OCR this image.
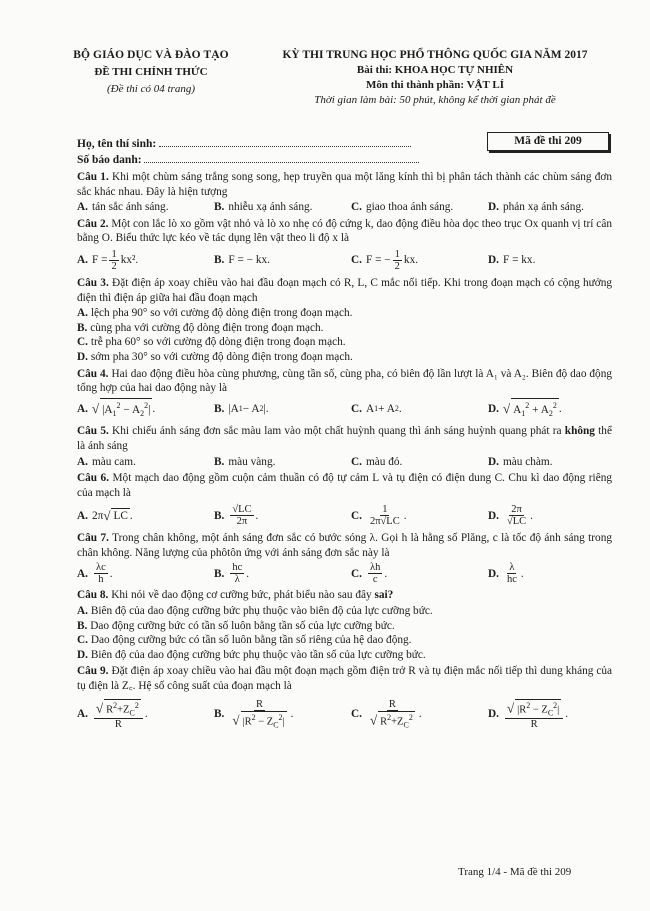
BỘ GIÁO DỤC VÀ ĐÀO TẠO
ĐỀ THI CHÍNH THỨC
(Đề thi có 04 trang)
KỲ THI TRUNG HỌC PHỔ THÔNG QUỐC GIA NĂM 2017
Bài thi: KHOA HỌC TỰ NHIÊN
Môn thi thành phần: VẬT LÍ
Thời gian làm bài: 50 phút, không kể thời gian phát đề
Họ, tên thí sinh:
Số báo danh:
Mã đề thi 209
Câu 1. Khi một chùm sáng trắng song song, hẹp truyền qua một lăng kính thì bị phân tách thành các chùm sáng đơn sắc khác nhau. Đây là hiện tượng
A. tán sắc ánh sáng.	B. nhiễu xạ ánh sáng.	C. giao thoa ánh sáng.	D. phản xạ ánh sáng.
Câu 2. Một con lắc lò xo gồm vật nhỏ và lò xo nhẹ có độ cứng k, dao động điều hòa dọc theo trục Ox quanh vị trí cân bằng O. Biểu thức lực kéo về tác dụng lên vật theo li độ x là
A. $F = \frac{1}{2} kx^2$.	B. F = − kx.	C. F = − $\frac{1}{2}$ kx.	D. F = kx.
Câu 3. Đặt điện áp xoay chiều vào hai đầu đoạn mạch có R, L, C mắc nối tiếp. Khi trong đoạn mạch có cộng hưởng điện thì điện áp giữa hai đầu đoạn mạch
A. lệch pha 90° so với cường độ dòng điện trong đoạn mạch.
B. cùng pha với cường độ dòng điện trong đoạn mạch.
C. trễ pha 60° so với cường độ dòng điện trong đoạn mạch.
D. sớm pha 30° so với cường độ dòng điện trong đoạn mạch.
Câu 4. Hai dao động điều hòa cùng phương, cùng tần số, cùng pha, có biên độ lần lượt là A₁ và A₂. Biên độ dao động tổng hợp của hai dao động này là
A. √ $|A_1^2 - A_2^2|$ .	B. |A 1 − A 2 |.	C. A 1 + A 2 .	D. √ $A_1^2 + A_2^2$ .
Câu 5. Khi chiếu ánh sáng đơn sắc màu lam vào một chất huỳnh quang thì ánh sáng huỳnh quang phát ra không thể là ánh sáng
A. màu cam.	B. màu vàng.	C. màu đỏ.	D. màu chàm.
Câu 6. Một mạch dao động gồm cuộn cảm thuần có độ tự cảm L và tụ điện có điện dung C. Chu kì dao động riêng của mạch là
A. 2π √ LC .	B. $\frac{√LC}{2\pi}$ .	C. $\frac{1}{2\pi√LC}$ .	D. $\frac{2\pi}{√LC}$ .
Câu 7. Trong chân không, một ánh sáng đơn sắc có bước sóng λ. Gọi h là hằng số Plăng, c là tốc độ ánh sáng trong chân không. Năng lượng của phôtôn ứng với ánh sáng đơn sắc này là
A. $\frac{\lambda c}{h}$ .	B. $\frac{hc}{\lambda}$ .	C. $\frac{\lambda h}{c}$ .	D. $\frac{\lambda}{hc}$ .
Câu 8. Khi nói về dao động cơ cưỡng bức, phát biểu nào sau đây sai?
A. Biên độ của dao động cưỡng bức phụ thuộc vào biên độ của lực cưỡng bức.
B. Dao động cưỡng bức có tần số luôn bằng tần số của lực cưỡng bức.
C. Dao động cưỡng bức có tần số luôn bằng tần số riêng của hệ dao động.
D. Biên độ của dao động cưỡng bức phụ thuộc vào tần số của lực cưỡng bức.
Câu 9. Đặt điện áp xoay chiều vào hai đầu một đoạn mạch gồm điện trở R và tụ điện mắc nối tiếp thì dung kháng của tụ điện là Z꜀. Hệ số công suất của đoạn mạch là
A. $\frac{√ R^2+Z_C^2}{R}$ .	B. $\frac{R}{√ |R^2 - Z_C^2|}$ .	C. $\frac{R}{√ R^2+Z_C^2}$ .	D. $\frac{√ |R^2 - Z_C^2|}{R}$ .
Trang 1/4 - Mã đề thi 209
